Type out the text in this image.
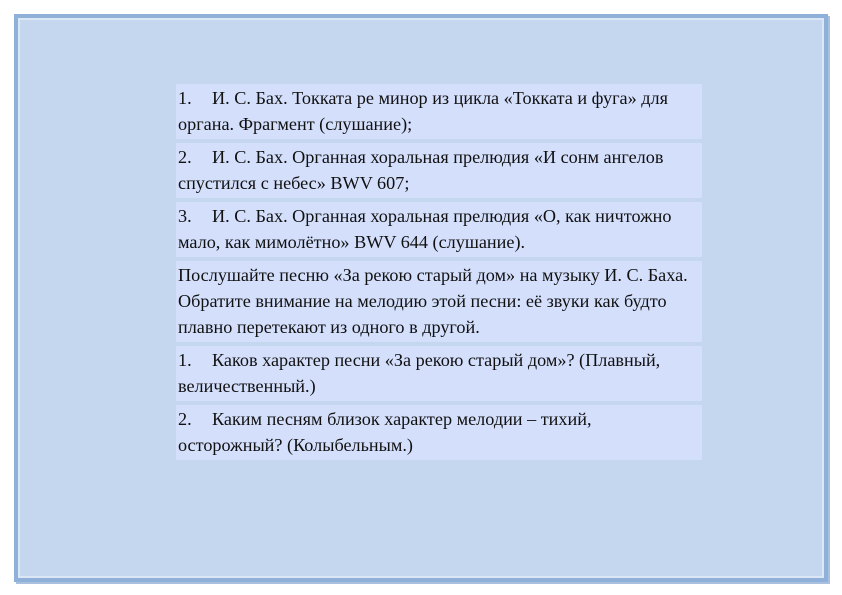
1. И. С. Бах. Токката ре минор из цикла «Токката и фуга» для органа. Фрагмент (слушание);
2. И. С. Бах. Органная хоральная прелюдия «И сонм ангелов спустился с небес» BWV 607;
3. И. С. Бах. Органная хоральная прелюдия «О, как ничтожно мало, как мимолётно» BWV 644 (слушание).
Послушайте песню «За рекою старый дом» на музыку И. С. Баха. Обратите внимание на мелодию этой песни: её звуки как будто плавно перетекают из одного в другой.
1. Каков характер песни «За рекою старый дом»? (Плавный, величественный.)
2. Каким песням близок характер мелодии – тихий, осторожный? (Колыбельным.)
